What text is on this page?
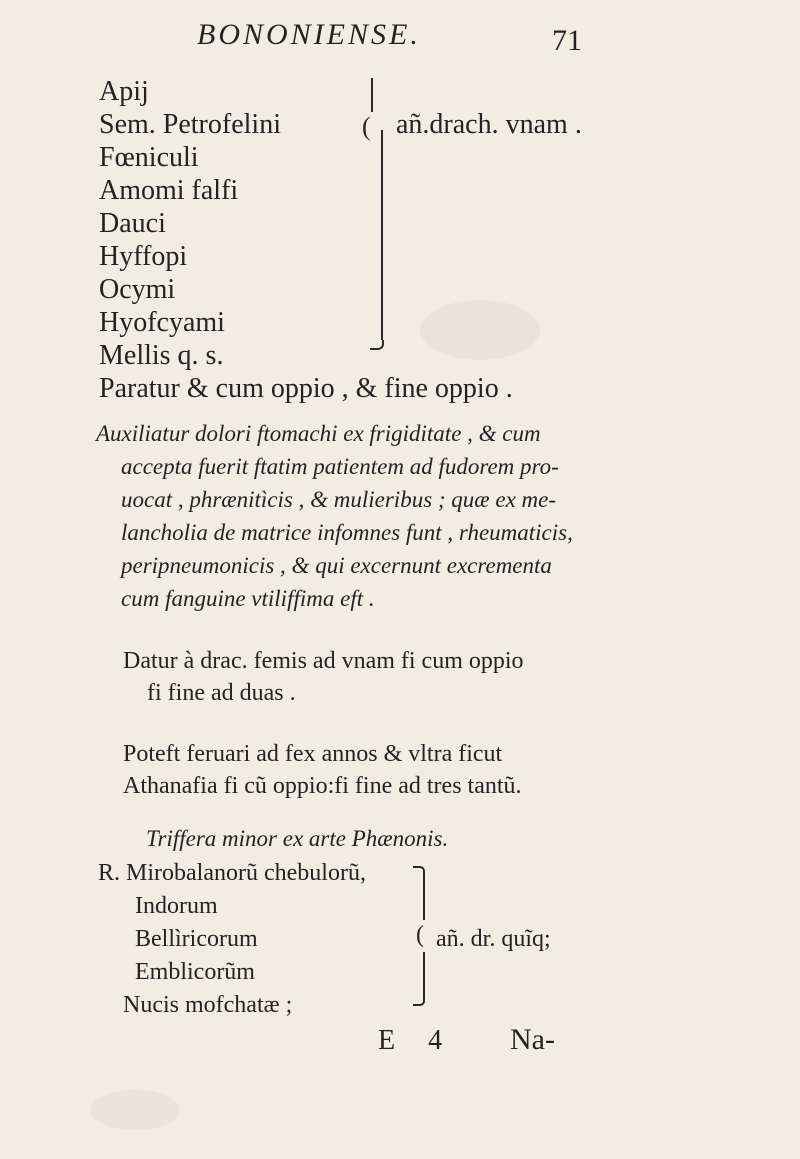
BONONIENSE.	71
Apij
Sem. Petrofelini
Fœniculi
Amomi falfi
Dauci
Hyffopi
Ocymi
Hyofcyami
Mellis q. s.
( añ.drach. vnam .
Paratur & cum oppio , & fine oppio .
Auxiliatur dolori ftomachi ex frigiditate , & cum
accepta fuerit ftatim patientem ad fudorem pro-
uocat , phrænitìcis , & mulieribus ; quæ ex me-
lancholia de matrice infomnes funt , rheumaticis,
peripneumonicis , & qui excernunt excrementa
cum fanguine vtiliffima eft .
Datur à drac. femis ad vnam fi cum oppio
fi fine ad duas .
Poteft feruari ad fex annos & vltra ficut
Athanafia fi cũ oppio:fi fine ad tres tantũ.
Triffera minor ex arte Phænonis.
R. Mirobalanorũ chebulorũ,
Indorum
Bellìricorum
Emblicorũm
Nucis mofchatæ ;
( añ. dr. quĩq;
E 4 Na-
